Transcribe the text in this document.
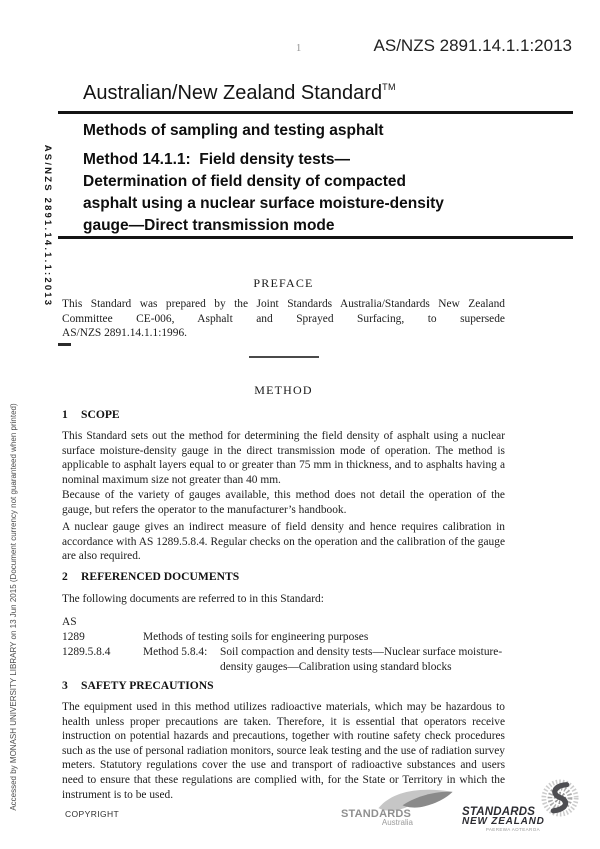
1	AS/NZS 2891.14.1.1:2013
AS/NZS 2891.14.1.1:2013
Accessed by MONASH UNIVERSITY LIBRARY on 13 Jun 2015 (Document currency not guaranteed when printed)
Australian/New Zealand Standard™
Methods of sampling and testing asphalt
Method 14.1.1:  Field density tests—
Determination of field density of compacted
asphalt using a nuclear surface moisture-density
gauge—Direct transmission mode
PREFACE
This Standard was prepared by the Joint Standards Australia/Standards New Zealand
Committee CE-006, Asphalt and Sprayed Surfacing, to supersede
AS/NZS 2891.14.1.1:1996.
METHOD
1 SCOPE
This Standard sets out the method for determining the field density of asphalt using a nuclear surface moisture-density gauge in the direct transmission mode of operation. The method is applicable to asphalt layers equal to or greater than 75 mm in thickness, and to asphalts having a nominal maximum size not greater than 40 mm.
Because of the variety of gauges available, this method does not detail the operation of the gauge, but refers the operator to the manufacturer’s handbook.
A nuclear gauge gives an indirect measure of field density and hence requires calibration in accordance with AS 1289.5.8.4. Regular checks on the operation and the calibration of the gauge are also required.
2 REFERENCED DOCUMENTS
The following documents are referred to in this Standard:
AS
1289	Methods of testing soils for engineering purposes
1289.5.8.4	Method 5.8.4:	Soil compaction and density tests—Nuclear surface moisture-density gauges—Calibration using standard blocks
3 SAFETY PRECAUTIONS
The equipment used in this method utilizes radioactive materials, which may be hazardous to health unless proper precautions are taken. Therefore, it is essential that operators receive instruction on potential hazards and precautions, together with routine safety check procedures such as the use of personal radiation monitors, source leak testing and the use of radiation survey meters. Statutory regulations cover the use and transport of radioactive substances and users need to ensure that these regulations are complied with, for the State or Territory in which the instrument is to be used.
COPYRIGHT	STANDARDS
Australia
STANDARDS
NEW ZEALAND
PAEREWA AOTEAROA
